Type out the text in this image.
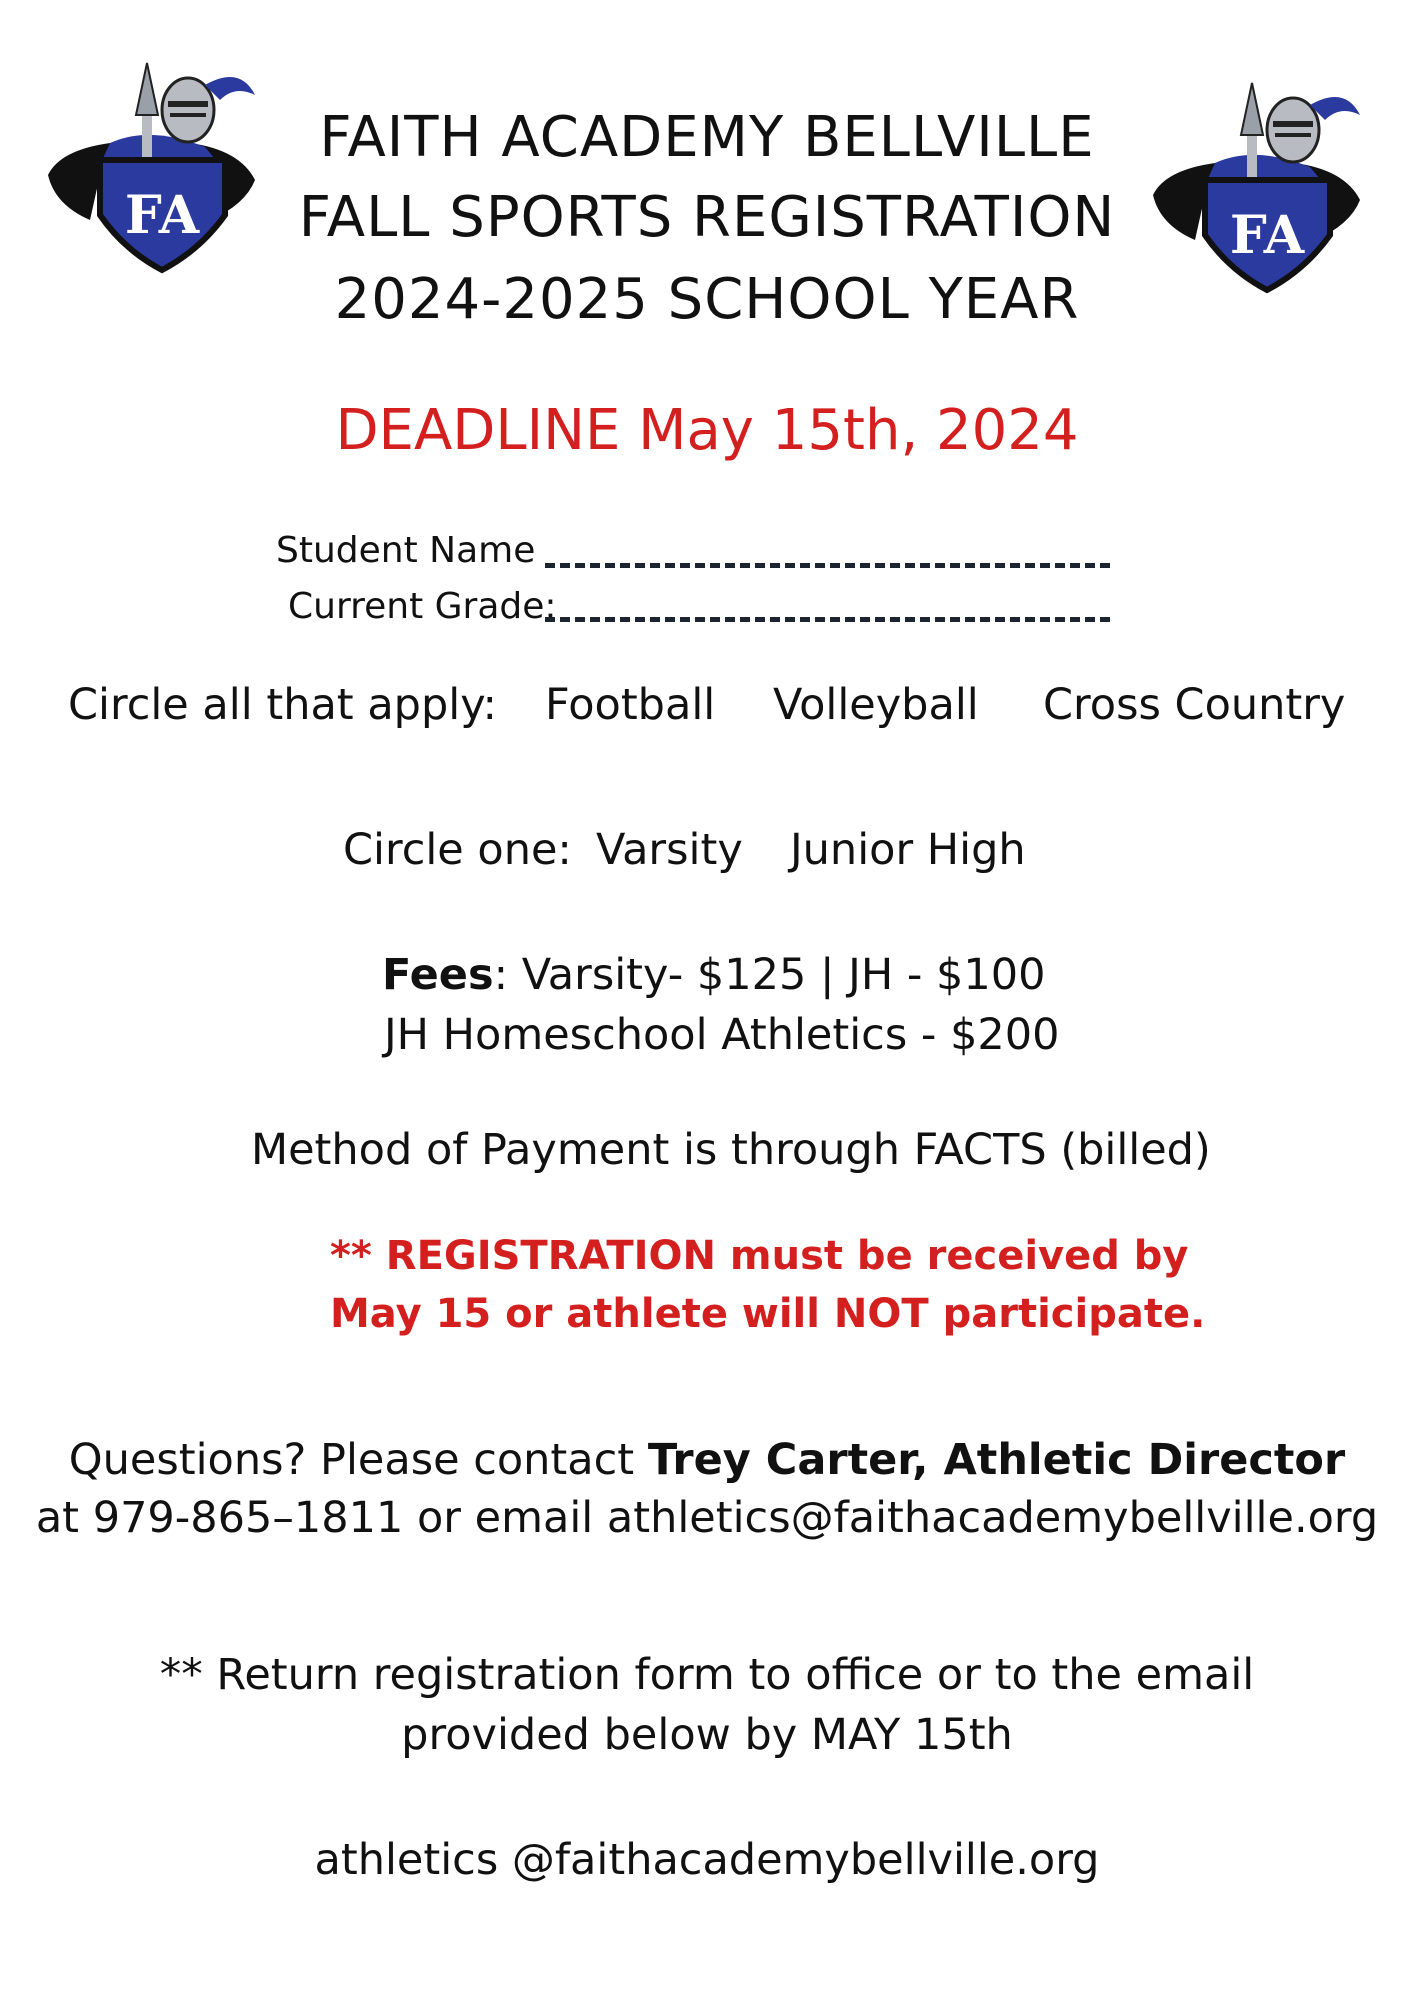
FA	FA
FAITH ACADEMY BELLVILLE
FALL SPORTS REGISTRATION
2024-2025 SCHOOL YEAR
DEADLINE May 15th, 2024
Student Name
Current Grade:
Circle all that apply: Football Volleyball Cross Country
Circle one: Varsity Junior High
Fees: Varsity- $125 | JH - $100
JH Homeschool Athletics - $200
Method of Payment is through FACTS (billed)
** REGISTRATION must be received by
May 15 or athlete will NOT participate.
Questions? Please contact Trey Carter, Athletic Director
at 979-865–1811 or email athletics@faithacademybellville.org
** Return registration form to office or to the email
provided below by MAY 15th
athletics @faithacademybellville.org
